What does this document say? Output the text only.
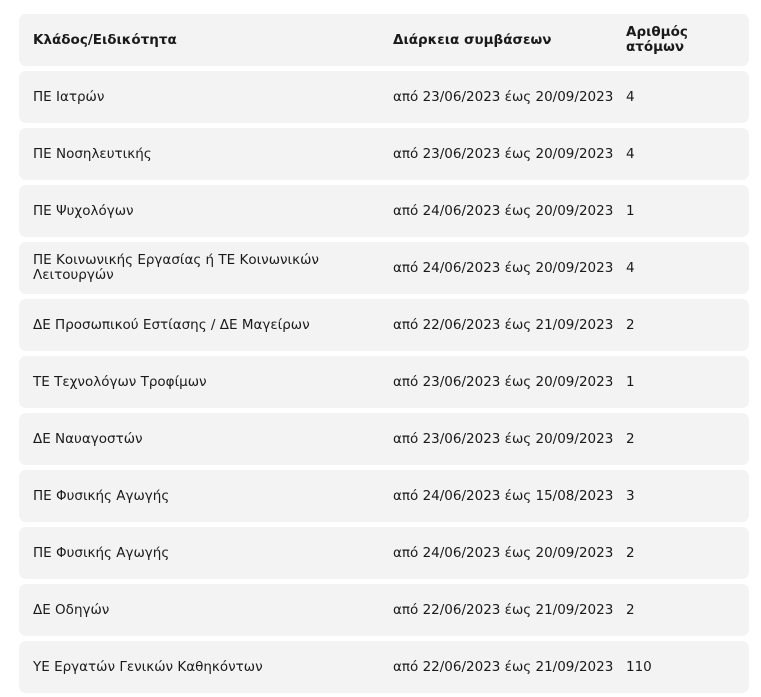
Κλάδος/Ειδικότητα	Διάρκεια συμβάσεων	Αριθμός ατόμων
ΠΕ Ιατρών	από 23/06/2023 έως 20/09/2023 4
ΠΕ Νοσηλευτικής	από 23/06/2023 έως 20/09/2023 4
ΠΕ Ψυχολόγων	από 24/06/2023 έως 20/09/2023 1
ΠΕ Κοινωνικής Εργασίας ή ΤΕ Κοινωνικών Λειτουργών	από 24/06/2023 έως 20/09/2023 4
ΔΕ Προσωπικού Εστίασης / ΔΕ Μαγείρων	από 22/06/2023 έως 21/09/2023 2
ΤΕ Τεχνολόγων Τροφίμων	από 23/06/2023 έως 20/09/2023 1
ΔΕ Ναυαγοστών	από 23/06/2023 έως 20/09/2023 2
ΠΕ Φυσικής Αγωγής	από 24/06/2023 έως 15/08/2023 3
ΠΕ Φυσικής Αγωγής	από 24/06/2023 έως 20/09/2023 2
ΔΕ Οδηγών	από 22/06/2023 έως 21/09/2023 2
ΥΕ Εργατών Γενικών Καθηκόντων	από 22/06/2023 έως 21/09/2023 110
